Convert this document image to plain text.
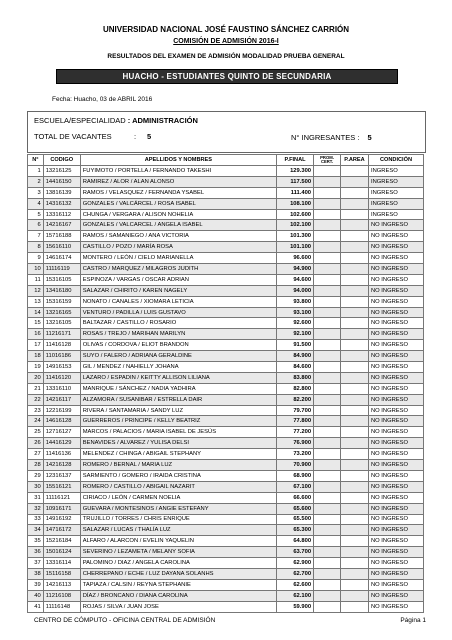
UNIVERSIDAD NACIONAL JOSÉ FAUSTINO SÁNCHEZ CARRIÓN
COMISIÓN DE ADMISIÓN 2016-I
RESULTADOS DEL EXAMEN DE ADMISIÓN MODALIDAD PRUEBA GENERAL
HUACHO - ESTUDIANTES QUINTO DE SECUNDARIA
Fecha: Huacho, 03 de ABRIL 2016
ESCUELA/ESPECIALIDAD : ADMINISTRACIÓN
TOTAL DE VACANTES	: 5	N° INGRESANTES : 5
N°	CODIGO	APELLIDOS Y NOMBRES	P.FINAL	PROM. CERT.	P.AREA	CONDICIÓN
1	13216125	FUYIMOTO / PORTELLA / FERNANDO TAKESHI	129.300			INGRESO
2	14416150	RAMIREZ / ALOR / ALAN ALONSO	117.500			INGRESO
3	13816139	RAMOS / VELASQUEZ / FERNANDA YSABEL	111.400			INGRESO
4	14316132	GONZALES / VALCÁRCEL / ROSA ISABEL	108.100			INGRESO
5	13316112	CHUNGA / VERGARA / ALISON NOHELIA	102.600			INGRESO
6	14216167	GONZALES / VALCARCEL / ANGELA ISABEL	102.100			NO INGRESO
7	15716188	RAMOS / SAMANIEGO / ANA VICTORIA	101.300			NO INGRESO
8	15616110	CASTILLO / POZO / MARÍA ROSA	101.100			NO INGRESO
9	14616174	MONTERO / LEÓN / CIELO MARIANELLA	96.600			NO INGRESO
10	11116119	CASTRO / MARQUEZ / MILAGROS JUDITH	94.900			NO INGRESO
11	15316105	ESPINOZA / VARGAS / OSCAR ADRIAN	94.600			NO INGRESO
12	13416180	SALAZAR / CHIRITO / KAREN NAGELY	94.000			NO INGRESO
13	15316159	NONATO / CANALES / XIOMARA LETICIA	93.800			NO INGRESO
14	13216165	VENTURO / PADILLA / LUIS GUSTAVO	93.100			NO INGRESO
15	13216105	BALTAZAR / CASTILLO / ROSARIO	92.600			NO INGRESO
16	11216171	ROSAS / TREJO / MARIHAN MARILYN	92.100			NO INGRESO
17	11416128	OLIVAS / CORDOVA / ELIOT BRANDON	91.500			NO INGRESO
18	11016186	SUYO / FALERO / ADRIANA GERALDINE	84.900			NO INGRESO
19	14916153	GIL / MENDEZ / NAHIELLY JOHANA	84.600			NO INGRESO
20	11416120	LAZARO / ESPADIN / KEITTY ALLISON LILIANA	83.800			NO INGRESO
21	13316110	MANRIQUE / SÁNCHEZ / NADIA YADHIRA	82.800			NO INGRESO
22	14216117	ALZAMORA / SUSANIBAR / ESTRELLA DAIR	82.200			NO INGRESO
23	12216199	RIVERA / SANTAMARIA / SANDY LUZ	79.700			NO INGRESO
24	14616128	GUERREROS / PRINCIPE / KELLY BEATRIZ	77.800			NO INGRESO
25	12716127	MARCOS / PALACIOS / MARIA ISABEL DE JESÚS	77.200			NO INGRESO
26	14416129	BENAVIDES / ALVAREZ / YULISA DELSI	76.900			NO INGRESO
27	11416136	MELENDEZ / CHINGA / ABIGAIL STEPHANY	73.200			NO INGRESO
28	14216128	ROMERO / BERNAL / MARIA LUZ	70.900			NO INGRESO
29	12316137	SARMIENTO / GOMERO / IRAIDA CRISTINA	68.900			NO INGRESO
30	15516121	ROMERO / CASTILLO / ABIGAIL NAZARIT	67.100			NO INGRESO
31	11116121	CIRIACO / LEÓN / CARMEN NOELIA	66.600			NO INGRESO
32	10916171	GUEVARA / MONTESINOS / ANGIE ESTEFANY	65.600			NO INGRESO
33	14916192	TRUJILLO / TORRES / CHRIS ENRIQUE	65.500			NO INGRESO
34	14716172	SALAZAR / LUCAS / THALÍA LUZ	65.300			NO INGRESO
35	15216184	ALFARO / ALARCON / EVELIN YAQUELIN	64.800			NO INGRESO
36	15016124	SEVERINO / LEZAMETA / MELANY SOFIA	63.700			NO INGRESO
37	13316114	PALOMINO / DIAZ / ANGELA CAROLINA	62.900			NO INGRESO
38	15116158	CHERREPANO / ECHE / LUZ DAYANA SOLANHS	62.700			NO INGRESO
39	14216113	TAPIAZA / CALSIN / REYNA STEPHANIE	62.600			NO INGRESO
40	11216108	DÍAZ / BRONCANO / DIANA CAROLINA	62.100			NO INGRESO
41	11116148	ROJAS / SILVA / JUAN JOSE	59.900			NO INGRESO
CENTRO DE CÓMPUTO - OFICINA CENTRAL DE ADMISIÓN	Página 1
